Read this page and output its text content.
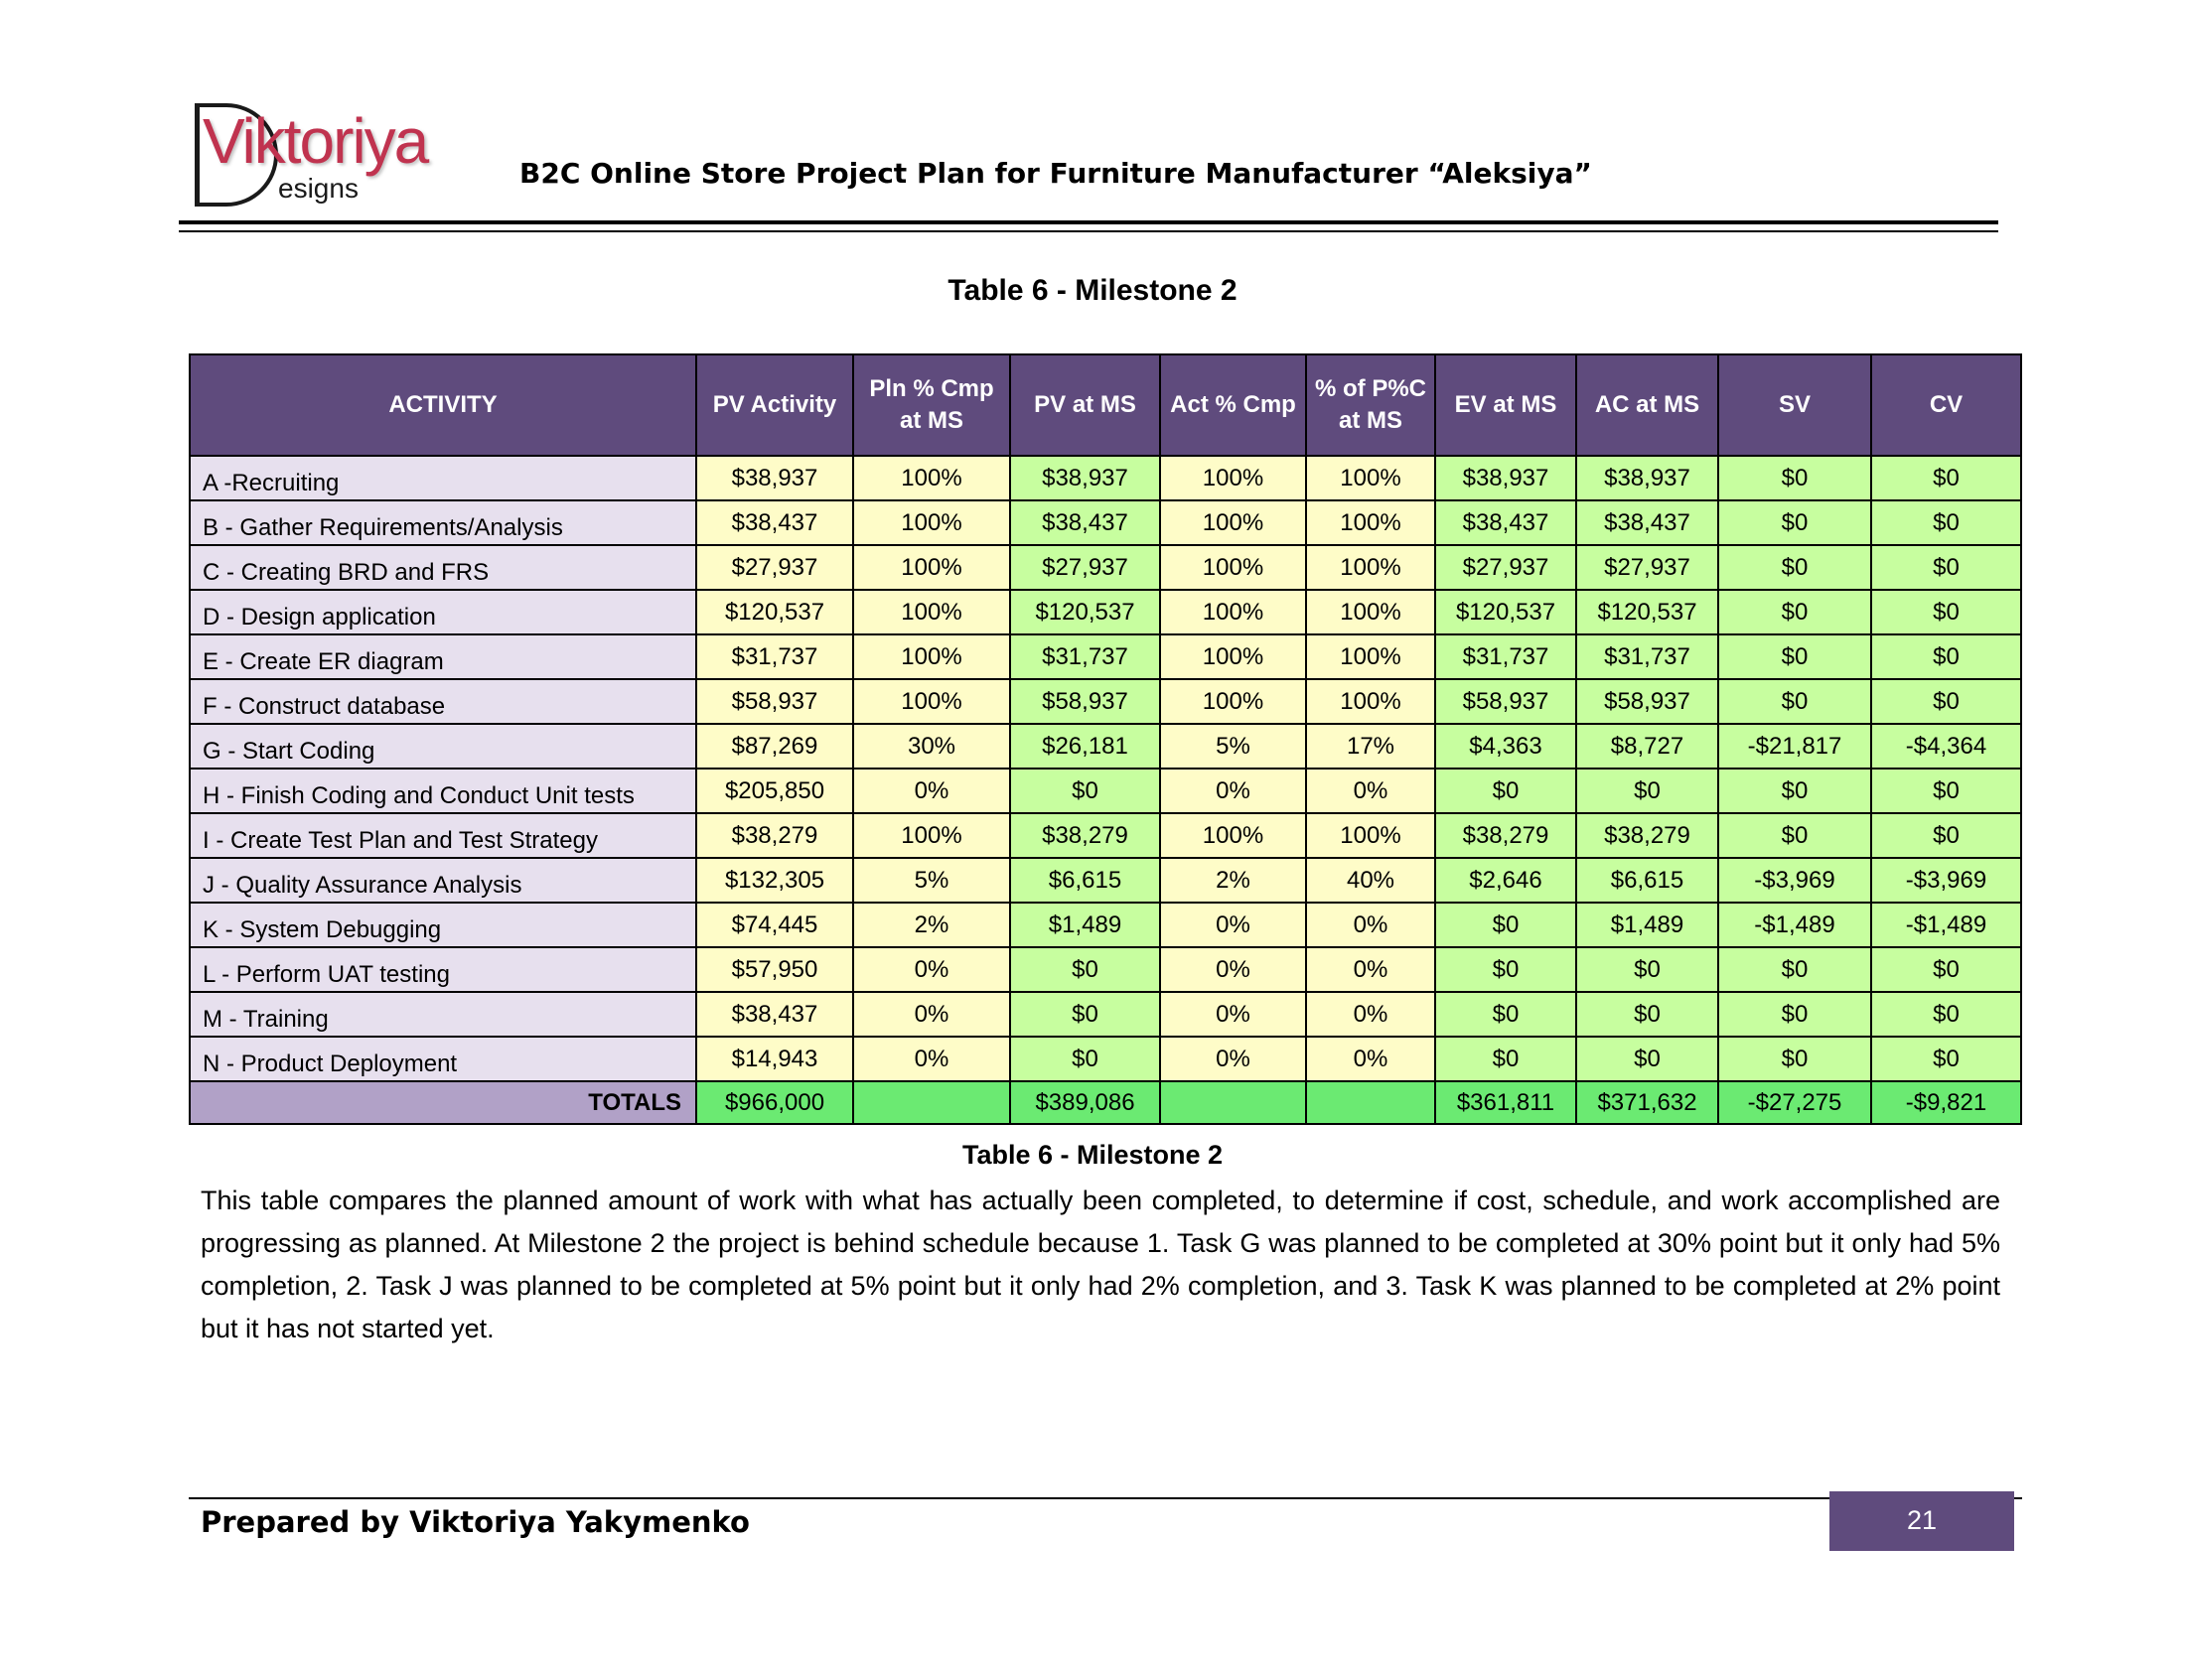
Viktoriya
esigns	B2C Online Store Project Plan for Furniture Manufacturer “Aleksiya”
Table 6 - Milestone 2
ACTIVITY	PV Activity	Pln % Cmp at MS	PV at MS	Act % Cmp	% of P%C at MS	EV at MS	AC at MS	SV	CV
A -Recruiting	$38,937	100%	$38,937	100%	100%	$38,937	$38,937	$0	$0
B - Gather Requirements/Analysis	$38,437	100%	$38,437	100%	100%	$38,437	$38,437	$0	$0
C - Creating BRD and FRS	$27,937	100%	$27,937	100%	100%	$27,937	$27,937	$0	$0
D - Design application	$120,537	100%	$120,537	100%	100%	$120,537	$120,537	$0	$0
E - Create ER diagram	$31,737	100%	$31,737	100%	100%	$31,737	$31,737	$0	$0
F - Construct database	$58,937	100%	$58,937	100%	100%	$58,937	$58,937	$0	$0
G - Start Coding	$87,269	30%	$26,181	5%	17%	$4,363	$8,727	-$21,817	-$4,364
H - Finish Coding and Conduct Unit tests	$205,850	0%	$0	0%	0%	$0	$0	$0	$0
I - Create Test Plan and Test Strategy	$38,279	100%	$38,279	100%	100%	$38,279	$38,279	$0	$0
J - Quality Assurance Analysis	$132,305	5%	$6,615	2%	40%	$2,646	$6,615	-$3,969	-$3,969
K - System Debugging	$74,445	2%	$1,489	0%	0%	$0	$1,489	-$1,489	-$1,489
L - Perform UAT testing	$57,950	0%	$0	0%	0%	$0	$0	$0	$0
M - Training	$38,437	0%	$0	0%	0%	$0	$0	$0	$0
N - Product Deployment	$14,943	0%	$0	0%	0%	$0	$0	$0	$0
TOTALS	$966,000		$389,086			$361,811	$371,632	-$27,275	-$9,821
Table 6 - Milestone 2
This table compares the planned amount of work with what has actually been completed, to determine if cost, schedule, and work accomplished are progressing as planned. At Milestone 2 the project is behind schedule because 1. Task G was planned to be completed at 30% point but it only had 5% completion, 2. Task J was planned to be completed at 5% point but it only had 2% completion, and 3. Task K was planned to be completed at 2% point but it has not started yet.
Prepared by Viktoriya Yakymenko	21
